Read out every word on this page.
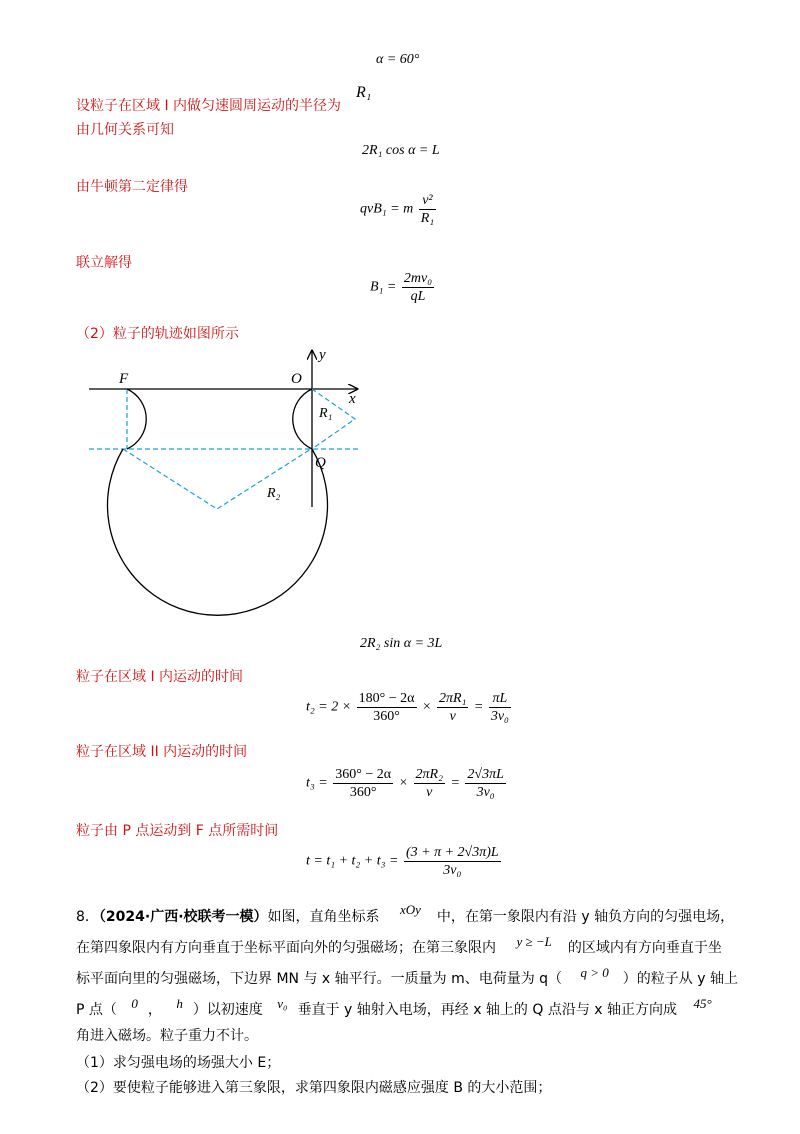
α = 60°
设粒子在区域 I 内做匀速圆周运动的半径为
R₁
由几何关系可知
2R₁ cos α = L
由牛顿第二定律得
qvB₁ = m $\frac{\text{v²}}{\text{R₁}}$
联立解得
$B_1 = \frac{\text{2mv₀}}{qL}$
（2）粒子的轨迹如图所示
F	O
y
x
R₁
Q
R₂
2R₂ sin α = 3L
粒子在区域 I 内运动的时间
$t_2 = 2 \times \frac{180^\circ - 2\alpha}{360^\circ} \times \frac{\text{2πR₁}}{v} = \frac{\pi L}{\text{3v₀}}$
粒子在区域 II 内运动的时间
$t_3 = \frac{360^\circ - 2\alpha}{360^\circ} \times \frac{\text{2πR₂}}{v} = \frac{2√3\pi L}{\text{3v₀}}$
粒子由 P 点运动到 F 点所需时间
$t = t_1 + t_2 + t_3 = \frac{(3 + \pi + 2√3\pi)L}{\text{3v₀}}$
8．（2024·广西·校联考一模）如图，直角坐标系 xOy 中，在第一象限内有沿 y 轴负方向的匀强电场，
在第四象限内有方向垂直于坐标平面向外的匀强磁场；在第三象限内 y ≥ −L 的区域内有方向垂直于坐
标平面向里的匀强磁场，下边界 MN 与 x 轴平行。一质量为 m、电荷量为 q（ q > 0 ）的粒子从 y 轴上
P 点（ 0 ， h ）以初速度 v₀ 垂直于 y 轴射入电场，再经 x 轴上的 Q 点沿与 x 轴正方向成 45°
角进入磁场。粒子重力不计。
（1）求匀强电场的场强大小 E；
（2）要使粒子能够进入第三象限，求第四象限内磁感应强度 B 的大小范围；
